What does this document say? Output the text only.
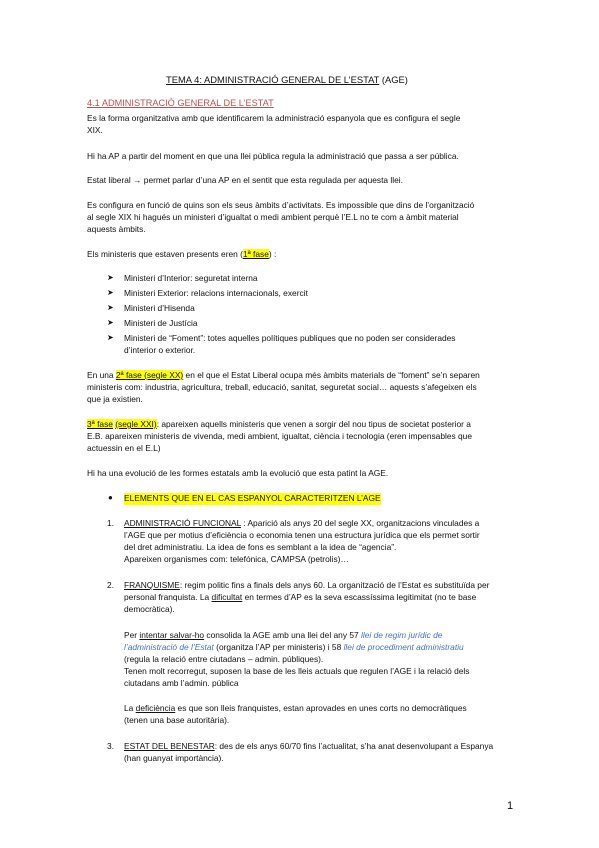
TEMA 4: ADMINISTRACIÓ GENERAL DE L’ESTAT (AGE)
4.1 ADMINISTRACIÓ GENERAL DE L’ESTAT
Es la forma organitzativa amb que identificarem la administració espanyola que es configura el segle
XIX.
Hi ha AP a partir del moment en que una llei pública regula la administració que passa a ser pública.
Estat liberal → permet parlar d’una AP en el sentit que esta regulada per aquesta llei.
Es configura en funció de quins son els seus àmbits d’activitats. Es impossible que dins de l’organització
al segle XIX hi hagués un ministeri d’igualtat o medi ambient perquè l’E.L no te com a àmbit material
aquests àmbits.
Els ministeris que estaven presents eren (1ª fase) :
➤ Ministeri d’Interior: seguretat interna
➤ Ministeri Exterior: relacions internacionals, exercit
➤ Ministeri d’Hisenda
➤ Ministeri de Justícia
➤ Ministeri de “Foment”: totes aquelles polítiques publiques que no poden ser considerades
d’interior o exterior.
En una 2ª fase (segle XX) en el que el Estat Liberal ocupa més àmbits materials de “foment” se’n separen
ministeris com: industria, agricultura, treball, educació, sanitat, seguretat social… aquests s’afegeixen els
que ja existien.
3ª fase (segle XXI): apareixen aquells ministeris que venen a sorgir del nou tipus de societat posterior a
E.B. apareixen ministeris de vivenda, medi ambient, igualtat, ciència i tecnologia (eren impensables que
actuessin en el E.L)
Hi ha una evolució de les formes estatals amb la evolució que esta patint la AGE.
● ELEMENTS QUE EN EL CAS ESPANYOL CARACTERITZEN L’AGE
1. ADMINISTRACIÓ FUNCIONAL : Aparició als anys 20 del segle XX, organitzacions vinculades a
l’AGE que per motius d’eficiència o economia tenen una estructura jurídica que els permet sortir
del dret administratiu. La idea de fons es semblant a la idea de “agencia”.
Apareixen organismes com: telefónica, CAMPSA (petrolis)…
2. FRANQUISME: regim politic fins a finals dels anys 60. La organització de l’Estat es substituïda per
personal franquista. La dificultat en termes d’AP es la seva escassíssima legitimitat (no te base
democràtica).
Per intentar salvar-ho consolida la AGE amb una llei del any 57 llei de regim jurídic de
l’administració de l’Estat (organitza l’AP per ministeris) i 58 llei de procediment administratiu
(regula la relació entre ciutadans – admin. públiques).
Tenen molt recorregut, suposen la base de les lleis actuals que regulen l’AGE i la relació dels
ciutadans amb l’admin. pública
La deficiència es que son lleis franquistes, estan aprovades en unes corts no democràtiques
(tenen una base autoritària).
3. ESTAT DEL BENESTAR: des de els anys 60/70 fins l’actualitat, s’ha anat desenvolupant a Espanya
(han guanyat importància).
1
